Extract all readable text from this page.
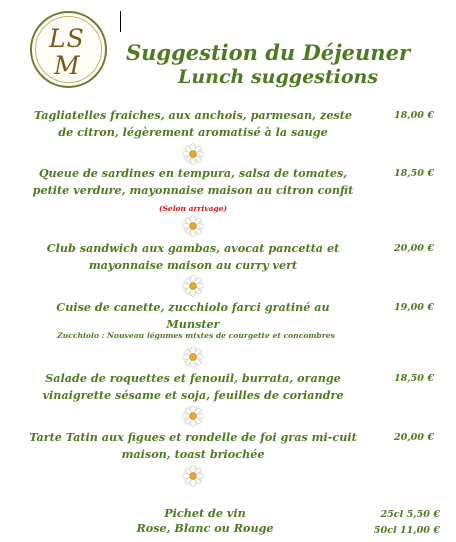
LS
M Suggestion du Déjeuner
Lunch suggestions
Tagliatelles fraiches, aux anchois, parmesan, zeste de citron, légèrement aromatisé à la sauge
18,00 €
Queue de sardines en tempura, salsa de tomates, petite verdure, mayonnaise maison au citron confit (Selon arrivage)
18,50 €
Club sandwich aux gambas, avocat pancetta et mayonnaise maison au curry vert
20,00 €
Cuise de canette, zucchiolo farci gratiné au Munster
19,00 €
Zucchiolo : Nouveau légumes mixtes de courgette et concombres
Salade de roquettes et fenouil, burrata, orange vinaigrette sésame et soja, feuilles de coriandre
18,50 €
Tarte Tatin aux figues et rondelle de foi gras mi-cuit maison, toast briochée
20,00 €
Pichet de vin
Rose, Blanc ou Rouge
25cl 5,50 €
50cl 11,00 €
